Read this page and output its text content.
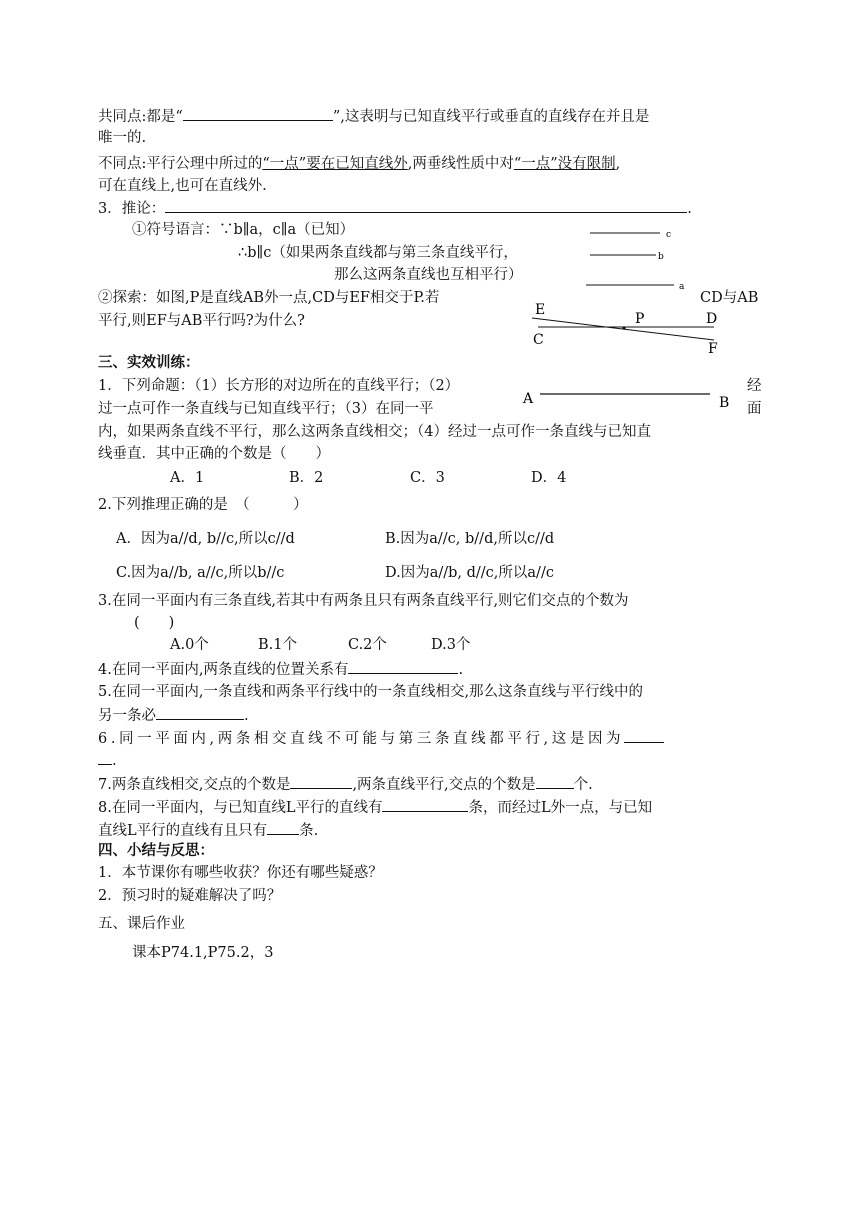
共同点:都是“	”,这表明与已知直线平行或垂直的直线存在并且是
唯一的.
不同点:平行公理中所过的“一点”要在已知直线外,两垂线性质中对“一点”没有限制,
可在直线上,也可在直线外.
3．推论：	.
①符号语言：∵b∥a，c∥a（已知）
∴b∥c（如果两条直线都与第三条直线平行，
那么这两条直线也互相平行）
c
b
a
②探索：如图,P是直线AB外一点,CD与EF相交于P.若	CD与AB
平行,则EF与AB平行吗?为什么?
E
P	D
C
F
三、实效训练：
1．下列命题：（1）长方形的对边所在的直线平行；（2）	经
A	B
过一点可作一条直线与已知直线平行；（3）在同一平	面
内，如果两条直线不平行，那么这两条直线相交；（4）经过一点可作一条直线与已知直
线垂直．其中正确的个数是（　　）
A．1	B．2	C．3	D．4
2.下列推理正确的是　（　　　）
A．因为a//d, b//c,所以c//d	B.因为a//c, b//d,所以c//d
C.因为a//b, a//c,所以b//c	D.因为a//b, d//c,所以a//c
3.在同一平面内有三条直线,若其中有两条且只有两条直线平行,则它们交点的个数为
(　　)
A.0个	B.1个	C.2个	D.3个
4.在同一平面内,两条直线的位置关系有	.
5.在同一平面内,一条直线和两条平行线中的一条直线相交,那么这条直线与平行线中的
另一条必	.
6.同一平面内,两条相交直线不可能与第三条直线都平行,这是因为
.
7.两条直线相交,交点的个数是	,两条直线平行,交点的个数是	个.
8.在同一平面内，与已知直线L平行的直线有	条，而经过L外一点，与已知
直线L平行的直线有且只有 条.
四、小结与反思：
1．本节课你有哪些收获？你还有哪些疑惑？
2．预习时的疑难解决了吗？
五、课后作业
课本P74.1,P75.2，3
